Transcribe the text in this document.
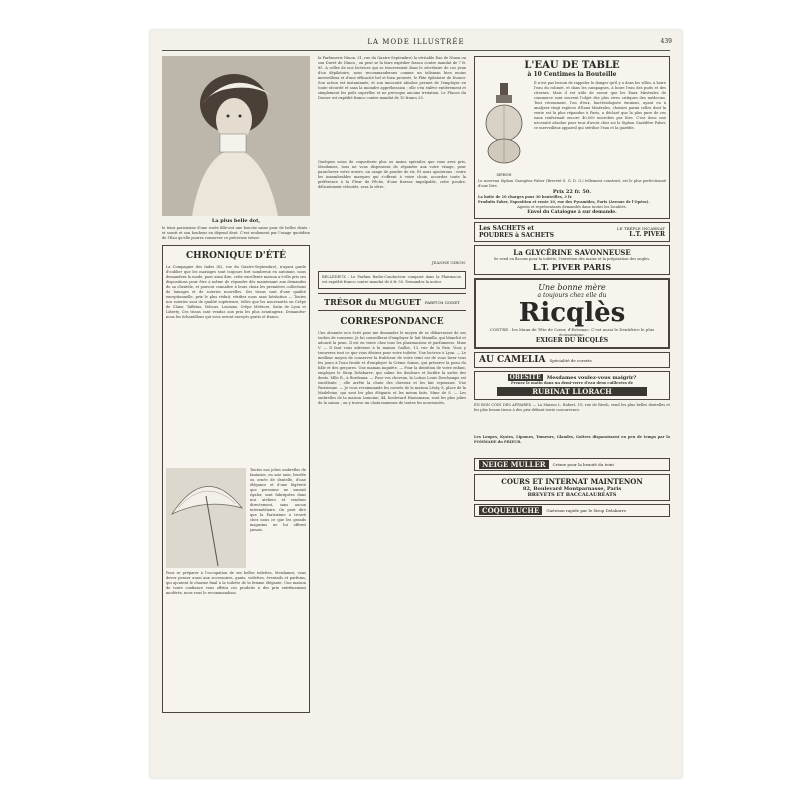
LA MODE ILLUSTRÉE	439
La plus belle dot,
le teint parisienne d'une rosée fille-ont une bouche saine pour de belles dents : et sourit et son bonheur en dépend dent. C'est seulement par l'usage quotidien de l'Eau qu'elle pourra conserver ce précieuse trésor.
CHRONIQUE D'ÉTÉ
La Compagnie des Indes (82, rue du Quatre-Septembre), n'ayant garde d'oublier que les mariages sont toujours fort nombreux en automne, nous demandera la mode, pour ainsi dire, cette excellente maison a-t-elle pris ses dispositions pour être à même de répondre dès maintenant aux demandes de sa clientèle, et pouvoir connaître à leurs choix les premières collections de lainages et de soieries nouvelles. Ses tissus sont d'une qualité exceptionnelle, prix le plus réduit, vérifiez nous sans hésitation — Toutes nos soieries sont de qualité supérieure, telles que les nouveautés en Crêpe de Chine, Taffetas, Velours, Louisine, Crêpe Météore, Satin de Lyon et Liberty. Ces tissus sont vendus aux prix les plus avantageux. Demandez-nous les échantillons qui vous seront envoyés gratis et franco.
Toutes nos jolies ombrelles de fantaisie, en soie unie, brodée ou ornée de dentelle, d'une élégance et d'une légèreté que personne ne saurait égaler, sont fabriquées dans nos ateliers et vendues directement, sans aucun intermédiaire. On peut dire que la Parisienne a trouvé chez nous ce que les grands magasins ne lui offrent jamais.
Pour se préparer à l'occupation de ses belles toilettes, Mesdames, vous devez penser aussi aux accessoires, gants, voilettes, éventails et parfums, qui ajoutent le charme final à la toilette de la femme élégante. Une maison de toute confiance vous offrira ces produits à des prix extrêmement modérés, nous vous le recommandons.
la Parfumerie Ninon, 31, rue du Quatre-Septembre) la véritable Eau de Ninon ou son Duvet de Ninon ; on peut se la faire expédier franco contre mandat de 7 fr. 85. A celles de nos lectrices qui se trouveraient dans le sécrétaire de ces yeux d'un dépilatoire, nous recommanderons comme un talisman bien moins merveilleux et d'une efficacité bel et bien prouvée, le Pâte épilatoire de Dusser. Son action est instantanée, et son innocuité absolue permet de l'employer en toute sécurité et sans la moindre appréhension ; elle s'en enlève entièrement et simplement les poils superflus et ne provoque aucune irritation. Le Flacon du Dusser est expédié franco contre mandat de 10 francs 25.
Quelques soins de coquetterie plus ou moins spéciales que vous avez pris, Mesdames, tous ne vous dispensera de répondre aux votre visage, pour parachever votre œuvre, un usage de poudre de riz. Et nous ajouterons : entre les innombrables marques qui s'offrent à votre choix, accordez toute la préférence à la Fleur de Pêche, d'une finesse impalpable, cette poudre, délicatement veloutée, sera la vôtre.
JEANNE GIRON.
BELLEDEUX : Le Parfum Radio-Conducteur composé dans la Pharmacie, est expédié franco contre mandat de 6 fr. 50. Demandez la notice.
TRÉSOR du MUGUET PARFUM GODET
CORRESPONDANCE
Une abonnée m'a écrit pour me demander le moyen de se débarrasser de ses taches de rousseur. Je lui conseillerai d'employer le lait Mamilla, qui blanchit et adoucit la peau. Il est en vente chez tous les pharmaciens et parfumeurs. Mme V. — Il faut vous adresser à la maison Gaillot, 13, rue de la Paix. Vous y trouverez tout ce que vous désirez pour votre toilette. Une lectrice à Lyon. — Le meilleur moyen de conserver la fraîcheur de votre teint est de vous laver tous les jours à l'eau froide et d'employer la Crème Simon, qui préserve la peau du hâle et des gerçures. Une maman inquiète. — Pour la dentition de votre enfant, employez le Sirop Delabarre, qui calme les douleurs et facilite la sortie des dents. Mlle R., à Bordeaux. — Pour vos cheveux, la Lotion Louis Deschamps est excellente ; elle arrête la chute des cheveux et les fait repousser. Une Parisienne. — Je vous recommande les corsets de la maison Léoty, 8, place de la Madeleine, qui sont les plus élégants et les mieux faits. Mme de S. — Les ombrelles de la maison Lemoine, 44, boulevard Haussmann, sont les plus jolies de la saison ; on y trouve un choix immense de toutes les nouveautés.
L'EAU DE TABLE
à 10 Centimes la Bouteille
SIPHON
Il n'est pas besoin de rappeler le danger qu'il y a dans les villes, à boire l'eau du robinet, et dans les campagnes, à boire l'eau des puits et des citernes. Mais il est utile de savoir que les Eaux Minérales de commerce sont souvent l'objet des plus vives critiques des médecins. Tout récemment, l'on d'eux, bactériologiste éminent, ayant eu à analyser vingt espèces d'Eaux Minérales, choisies parmi celles dont la vente est la plus répandue à Paris, a déclaré que la plus pure de ces eaux renfermait encore 40.000 microbes par litre. C'est donc une nécessité absolue pour tous d'avoir chez soi le Siphon Gazéifère Faber, ce merveilleux appareil qui stérilise l'eau et la gazéifie.
Le nouveau Siphon Gazogène Faber (Breveté S. G. D. G.) tellement construit, est le plus perfectionné d'une litre.
Prix 22 fr. 50.
La boîte de 10 charges pour 30 bouteilles, 3 fr.
Produits Faber, Exposition et vente 10, rue des Pyramides, Paris (Avenue de l'Opéra).
Agents et représentants demandés dans toutes les localités.
Envoi du Catalogue à sur demande.
Les SACHETS et POUDRES à SACHETS
LE TRÈFLE INCARNAT
L.T. PIVER
La GLYCÉRINE SAVONNEUSE
Se vend en flacons pour la toilette, l'entretien des mains et la préparation des ongles.
L.T. PIVER PARIS
Une bonne mère
a toujours chez elle du
Ricqlès
CONTRE : les Maux de Tête de Cœur, d'Estomac. C'est aussi le Dentifrice le plus économique.
EXIGER DU RICQLÈS
AU CAMELIA Spécialité de corsets
OBÉSITÉ	Mesdames voulez-vous maigrir?
Prenez le matin dans un demi-verre d'eau deux cuillerées de
RUBINAT LLORACH
EN BON COIN DES AFFAIRES — La Maison L. Robert, 19, rue de Rivoli, vend les plus belles dentelles et les plus beaux tissus à des prix défiant toute concurrence.
Les Loupes, Kystes, Lipomes, Tumeurs, Glandes, Goitres disparaissent en peu de temps par la POMMADE du PRIEUR.
NEIGE MULLER	Crème pour la beauté du teint
COURS ET INTERNAT MAINTENON
82, Boulevard Montparnasse, Paris
BREVETS ET BACCALAURÉATS
COQUELUCHE	Guérison rapide par le Sirop Delabarre
